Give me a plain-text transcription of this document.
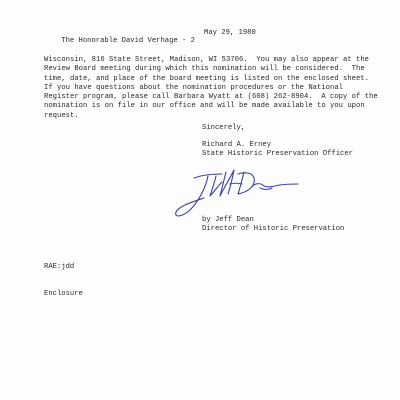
The Honorable David Verhage - 2

May 29, 1980

Wisconsin, 816 State Street, Madison, WI 53706.  You may also appear at the
Review Board meeting during which this nomination will be considered.  The
time, date, and place of the board meeting is listed on the enclosed sheet.
If you have questions about the nomination procedures or the National
Register program, please call Barbara Wyatt at (608) 262-8904.  A copy of the
nomination is on file in our office and will be made available to you upon
request.
Sincerely,
Richard A. Erney
State Historic Preservation Officer
by Jeff Dean
Director of Historic Preservation

RAE:jdd

Enclosure
